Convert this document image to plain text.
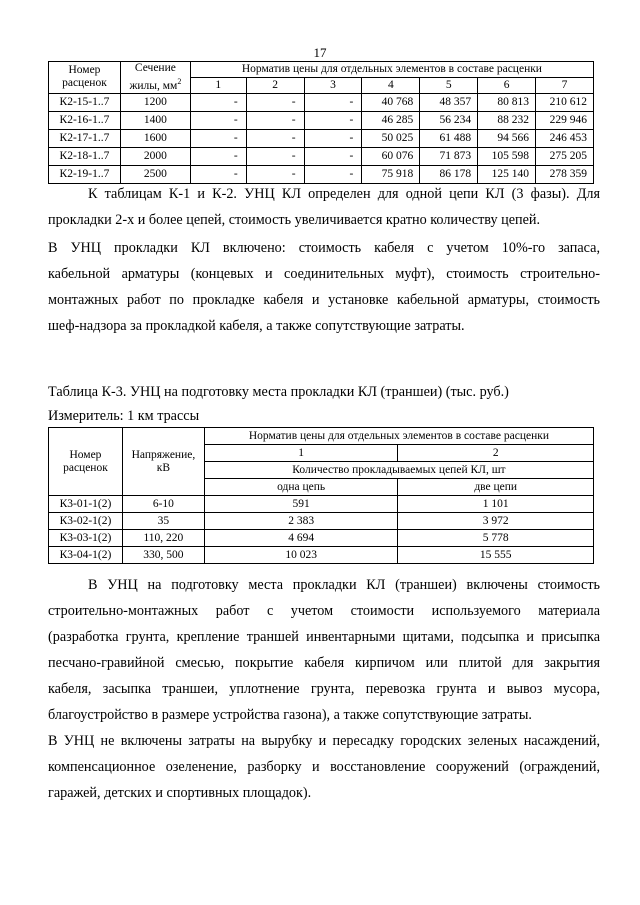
17
Номер расценок	Сечение жилы, $мм^2$	Норматив цены для отдельных элементов в составе расценки						
		1	2	3	4	5	6	7
К2-15-1..7	1200	-	-	-	40 768	48 357	80 813	210 612
К2-16-1..7	1400	-	-	-	46 285	56 234	88 232	229 946
К2-17-1..7	1600	-	-	-	50 025	61 488	94 566	246 453
К2-18-1..7	2000	-	-	-	60 076	71 873	105 598	275 205
К2-19-1..7	2500	-	-	-	75 918	86 178	125 140	278 359
К таблицам К-1 и К-2. УНЦ КЛ определен для одной цепи КЛ (3 фазы). Для
прокладки 2-х и более цепей, стоимость увеличивается кратно количеству цепей.
В УНЦ прокладки КЛ включено: стоимость кабеля с учетом 10%-го запаса,
кабельной арматуры (концевых и соединительных муфт), стоимость строительно-
монтажных работ по прокладке кабеля и установке кабельной арматуры, стоимость
шеф-надзора за прокладкой кабеля, а также сопутствующие затраты.
Таблица К-3. УНЦ на подготовку места прокладки КЛ (траншеи) (тыс. руб.)
Измеритель: 1 км трассы
Номер расценок	Напряжение, кВ	Норматив цены для отдельных элементов в составе расценки	
		1	2
		Количество прокладываемых цепей КЛ, шт	
		одна цепь	две цепи
К3-01-1(2)	6-10	591	1 101
К3-02-1(2)	35	2 383	3 972
К3-03-1(2)	110, 220	4 694	5 778
К3-04-1(2)	330, 500	10 023	15 555
В УНЦ на подготовку места прокладки КЛ (траншеи) включены стоимость
строительно-монтажных работ с учетом стоимости используемого материала
(разработка грунта, крепление траншей инвентарными щитами, подсыпка и присыпка
песчано-гравийной смесью, покрытие кабеля кирпичом или плитой для закрытия
кабеля, засыпка траншеи, уплотнение грунта, перевозка грунта и вывоз мусора,
благоустройство в размере устройства газона), а также сопутствующие затраты.
В УНЦ не включены затраты на вырубку и пересадку городских зеленых насаждений,
компенсационное озеленение, разборку и восстановление сооружений (ограждений,
гаражей, детских и спортивных площадок).
